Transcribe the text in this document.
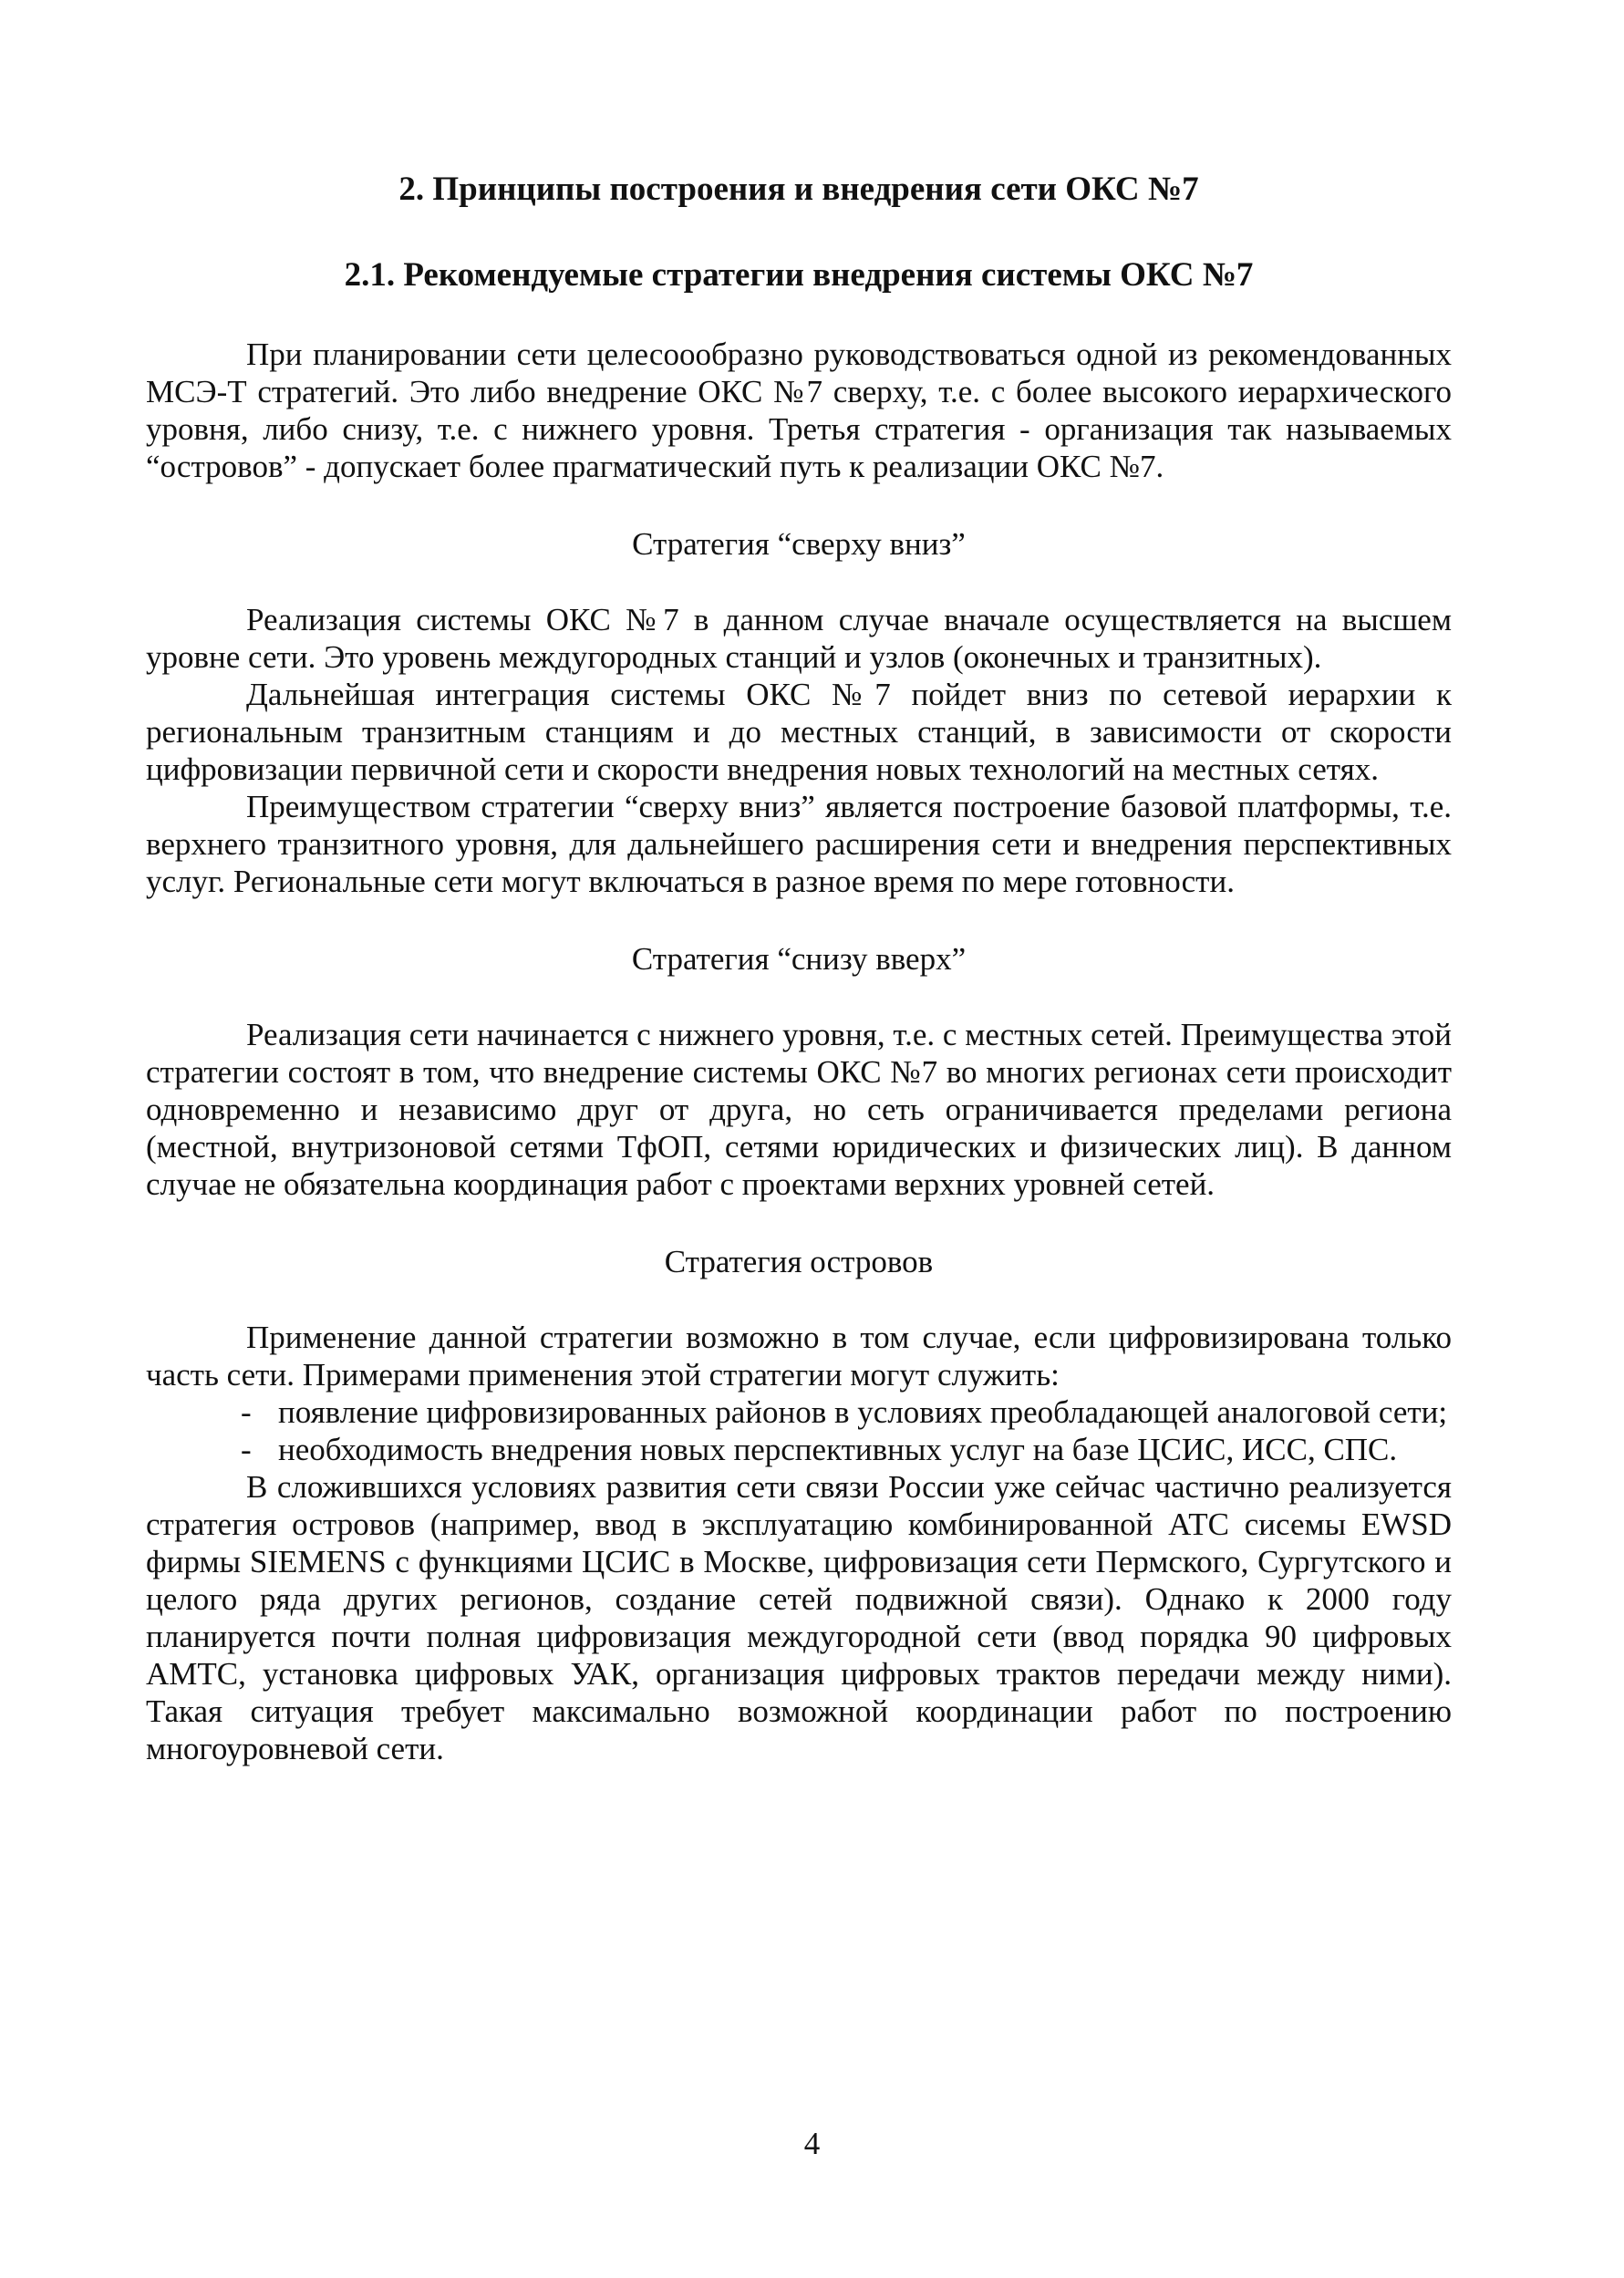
2. Принципы построения и внедрения сети ОКС №7
2.1. Рекомендуемые стратегии внедрения системы ОКС №7

При планировании сети целесоообразно руководствоваться одной из рекомендованных МСЭ-Т стратегий. Это либо внедрение ОКС №7 сверху, т.е. с более высокого иерархического уровня, либо снизу, т.е. с нижнего уровня. Третья стратегия - организация так называемых “островов” - допускает более прагматический путь к реализации ОКС №7.

Стратегия “сверху вниз”

Реализация системы ОКС №7 в данном случае вначале осуществляется на высшем уровне сети. Это уровень междугородных станций и узлов (оконечных и транзитных).

Дальнейшая интеграция системы ОКС №7 пойдет вниз по сетевой иерархии к региональным транзитным станциям и до местных станций, в зависимости от скорости цифровизации первичной сети и скорости внедрения новых технологий на местных сетях.

Преимуществом стратегии “сверху вниз” является построение базовой платформы, т.е. верхнего транзитного уровня, для дальнейшего расширения сети и внедрения перспективных услуг. Региональные сети могут включаться в разное время по мере готовности.

Стратегия “снизу вверх”

Реализация сети начинается с нижнего уровня, т.е. с местных сетей. Преимущества этой стратегии состоят в том, что внедрение системы ОКС №7 во многих регионах сети происходит одновременно и независимо друг от друга, но сеть ограничивается пределами региона (местной, внутризоновой сетями ТфОП, сетями юридических и физических лиц). В данном случае не обязательна координация работ с проектами верхних уровней сетей.

Стратегия островов

Применение данной стратегии возможно в том случае, если цифровизирована только часть сети. Примерами применения этой стратегии могут служить:

- появление цифровизированных районов в условиях преобладающей аналоговой сети;
- необходимость внедрения новых перспективных услуг на базе ЦСИС, ИСС, СПС.

В сложившихся условиях развития сети связи России уже сейчас частично реализуется стратегия островов (например, ввод в эксплуатацию комбинированной АТС сисемы EWSD фирмы SIEMENS с функциями ЦСИС в Москве, цифровизация сети Пермского, Сургутского и целого ряда других регионов, создание сетей подвижной связи). Однако к 2000 году планируется почти полная цифровизация междугородной сети (ввод порядка 90 цифровых АМТС, установка цифровых УАК, организация цифровых трактов передачи между ними). Такая ситуация требует максимально возможной координации работ по построению многоуровневой сети.

4
